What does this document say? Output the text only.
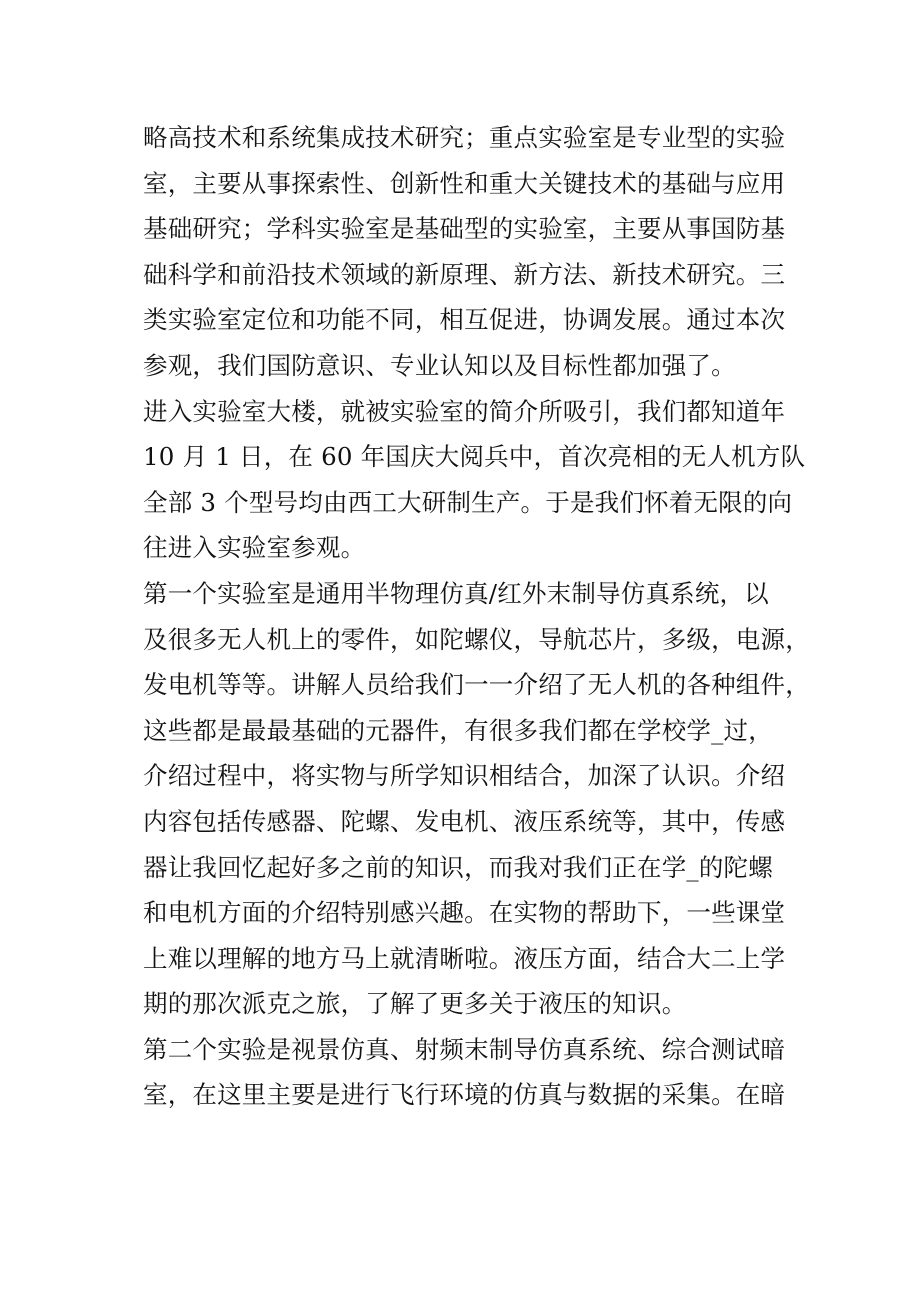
略高技术和系统集成技术研究；重点实验室是专业型的实验
室，主要从事探索性、创新性和重大关键技术的基础与应用
基础研究；学科实验室是基础型的实验室，主要从事国防基
础科学和前沿技术领域的新原理、新方法、新技术研究。三
类实验室定位和功能不同，相互促进，协调发展。通过本次
参观，我们国防意识、专业认知以及目标性都加强了。
进入实验室大楼，就被实验室的简介所吸引，我们都知道年
10 月 1 日，在 60 年国庆大阅兵中，首次亮相的无人机方队
全部 3 个型号均由西工大研制生产。于是我们怀着无限的向
往进入实验室参观。
第一个实验室是通用半物理仿真/红外末制导仿真系统，以
及很多无人机上的零件，如陀螺仪，导航芯片，多级，电源，
发电机等等。讲解人员给我们一一介绍了无人机的各种组件，
这些都是最最基础的元器件，有很多我们都在学校学_过，
介绍过程中，将实物与所学知识相结合，加深了认识。介绍
内容包括传感器、陀螺、发电机、液压系统等，其中，传感
器让我回忆起好多之前的知识，而我对我们正在学_的陀螺
和电机方面的介绍特别感兴趣。在实物的帮助下，一些课堂
上难以理解的地方马上就清晰啦。液压方面，结合大二上学
期的那次派克之旅，了解了更多关于液压的知识。
第二个实验是视景仿真、射频末制导仿真系统、综合测试暗
室，在这里主要是进行飞行环境的仿真与数据的采集。在暗
